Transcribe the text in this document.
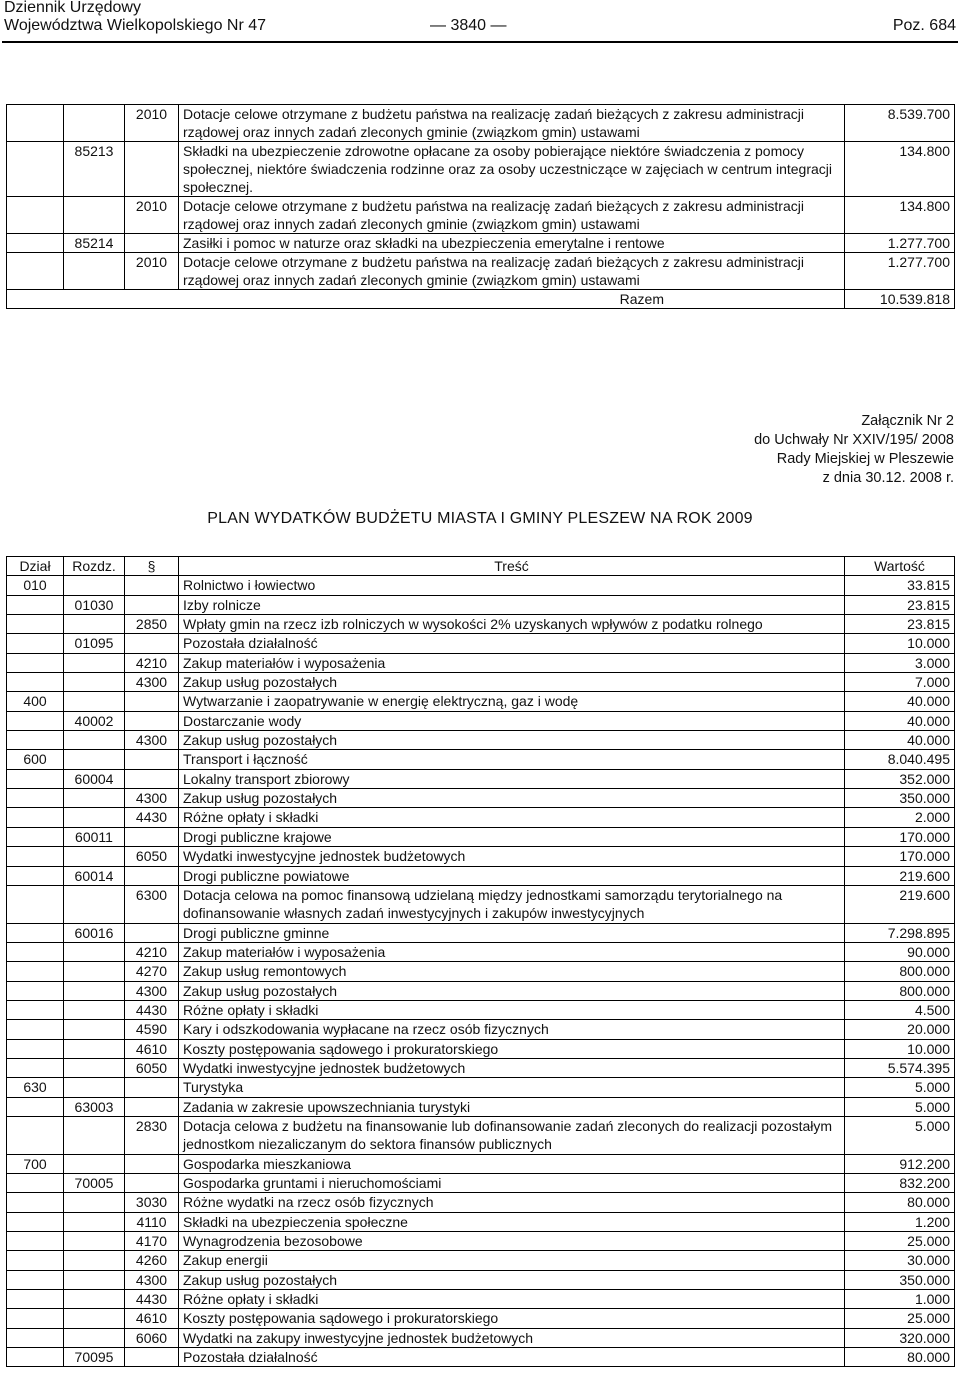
Dziennik Urzędowy
Województwa Wielkopolskiego Nr 47	— 3840 —	Poz. 684
		2010	Dotacje celowe otrzymane z budżetu państwa na realizację zadań bieżących z zakresu administracji rządowej oraz innych zadań zleconych gminie (związkom gmin) ustawami	8.539.700
	85213		Składki na ubezpieczenie zdrowotne opłacane za osoby pobierające niektóre świadczenia z pomocy społecznej, niektóre świadczenia rodzinne oraz za osoby uczestniczące w zajęciach w centrum integracji społecznej.	134.800
		2010	Dotacje celowe otrzymane z budżetu państwa na realizację zadań bieżących z zakresu administracji rządowej oraz innych zadań zleconych gminie (związkom gmin) ustawami	134.800
	85214		Zasiłki i pomoc w naturze oraz składki na ubezpieczenia emerytalne i rentowe	1.277.700
		2010	Dotacje celowe otrzymane z budżetu państwa na realizację zadań bieżących z zakresu administracji rządowej oraz innych zadań zleconych gminie (związkom gmin) ustawami	1.277.700
Razem				10.539.818
Załącznik Nr 2
do Uchwały Nr XXIV/195/ 2008
Rady Miejskiej w Pleszewie
z dnia 30.12. 2008 r.
PLAN WYDATKÓW BUDŻETU MIASTA I GMINY PLESZEW NA ROK 2009
Dział	Rozdz.	§	Treść	Wartość
010			Rolnictwo i łowiectwo	33.815
	01030		Izby rolnicze	23.815
		2850	Wpłaty gmin na rzecz izb rolniczych w wysokości 2% uzyskanych wpływów z podatku rolnego	23.815
	01095		Pozostała działalność	10.000
		4210	Zakup materiałów i wyposażenia	3.000
		4300	Zakup usług pozostałych	7.000
400			Wytwarzanie i zaopatrywanie w energię elektryczną, gaz i wodę	40.000
	40002		Dostarczanie wody	40.000
		4300	Zakup usług pozostałych	40.000
600			Transport i łączność	8.040.495
	60004		Lokalny transport zbiorowy	352.000
		4300	Zakup usług pozostałych	350.000
		4430	Różne opłaty i składki	2.000
	60011		Drogi publiczne krajowe	170.000
		6050	Wydatki inwestycyjne jednostek budżetowych	170.000
	60014		Drogi publiczne powiatowe	219.600
		6300	Dotacja celowa na pomoc finansową udzielaną między jednostkami samorządu terytorialnego na dofinansowanie własnych zadań inwestycyjnych i zakupów inwestycyjnych	219.600
	60016		Drogi publiczne gminne	7.298.895
		4210	Zakup materiałów i wyposażenia	90.000
		4270	Zakup usług remontowych	800.000
		4300	Zakup usług pozostałych	800.000
		4430	Różne opłaty i składki	4.500
		4590	Kary i odszkodowania wypłacane na rzecz osób fizycznych	20.000
		4610	Koszty postępowania sądowego i prokuratorskiego	10.000
		6050	Wydatki inwestycyjne jednostek budżetowych	5.574.395
630			Turystyka	5.000
	63003		Zadania w zakresie upowszechniania turystyki	5.000
		2830	Dotacja celowa z budżetu na finansowanie lub dofinansowanie zadań zleconych do realizacji pozostałym jednostkom niezaliczanym do sektora finansów publicznych	5.000
700			Gospodarka mieszkaniowa	912.200
	70005		Gospodarka gruntami i nieruchomościami	832.200
		3030	Różne wydatki na rzecz osób fizycznych	80.000
		4110	Składki na ubezpieczenia społeczne	1.200
		4170	Wynagrodzenia bezosobowe	25.000
		4260	Zakup energii	30.000
		4300	Zakup usług pozostałych	350.000
		4430	Różne opłaty i składki	1.000
		4610	Koszty postępowania sądowego i prokuratorskiego	25.000
		6060	Wydatki na zakupy inwestycyjne jednostek budżetowych	320.000
	70095		Pozostała działalność	80.000
